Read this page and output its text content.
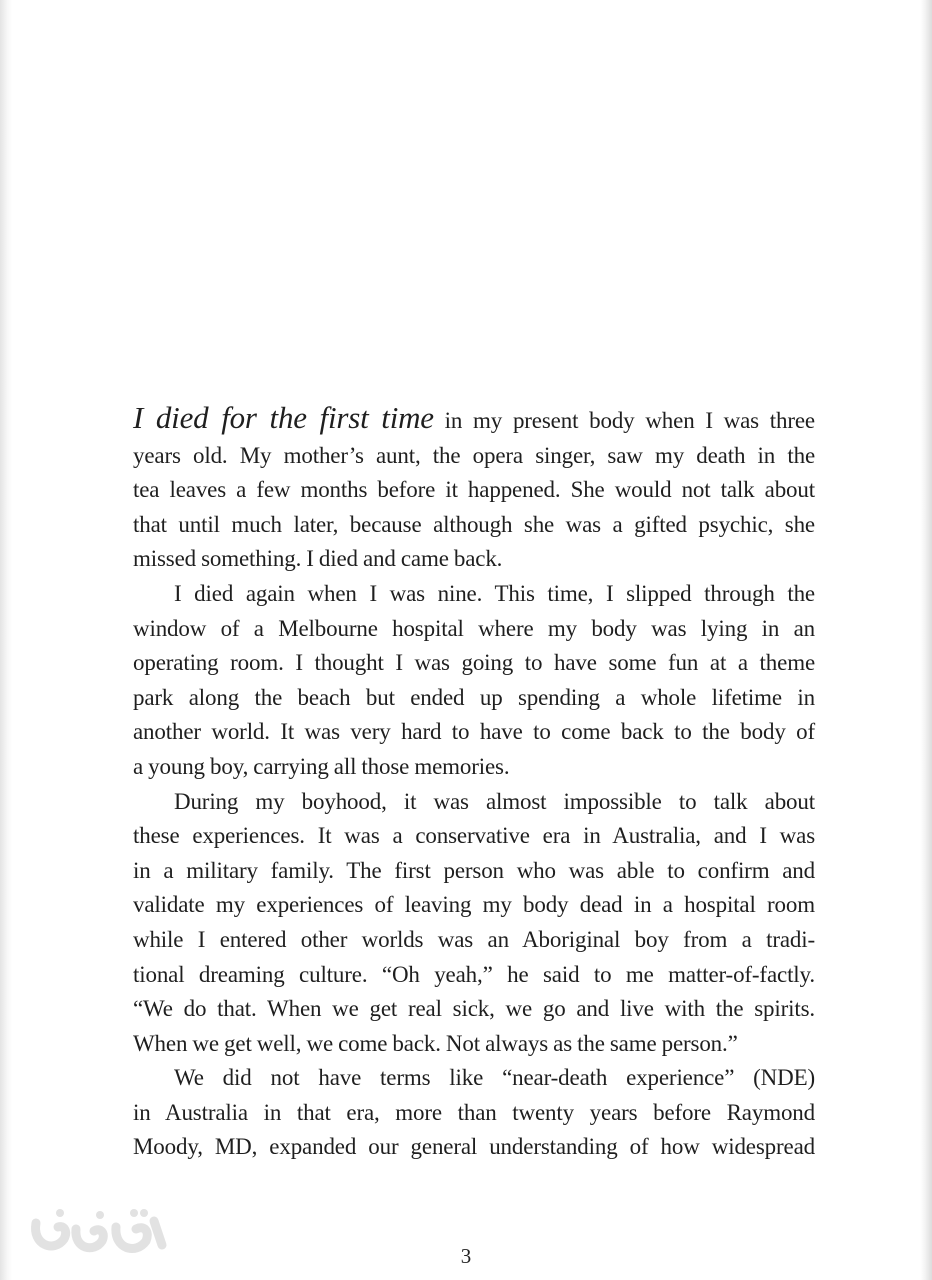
I died for the first time in my present body when I was three
years old. My mother’s aunt, the opera singer, saw my death in the
tea leaves a few months before it happened. She would not talk about
that until much later, because although she was a gifted psychic, she
missed something. I died and came back.

I died again when I was nine. This time, I slipped through the
window of a Melbourne hospital where my body was lying in an
operating room. I thought I was going to have some fun at a theme
park along the beach but ended up spending a whole lifetime in
another world. It was very hard to have to come back to the body of
a young boy, carrying all those memories.

During my boyhood, it was almost impossible to talk about
these experiences. It was a conservative era in Australia, and I was
in a military family. The first person who was able to confirm and
validate my experiences of leaving my body dead in a hospital room
while I entered other worlds was an Aboriginal boy from a tradi-
tional dreaming culture. “Oh yeah,” he said to me matter-of-factly.
“We do that. When we get real sick, we go and live with the spirits.
When we get well, we come back. Not always as the same person.”

We did not have terms like “near-death experience” (NDE)
in Australia in that era, more than twenty years before Raymond
Moody, MD, expanded our general understanding of how widespread

3
